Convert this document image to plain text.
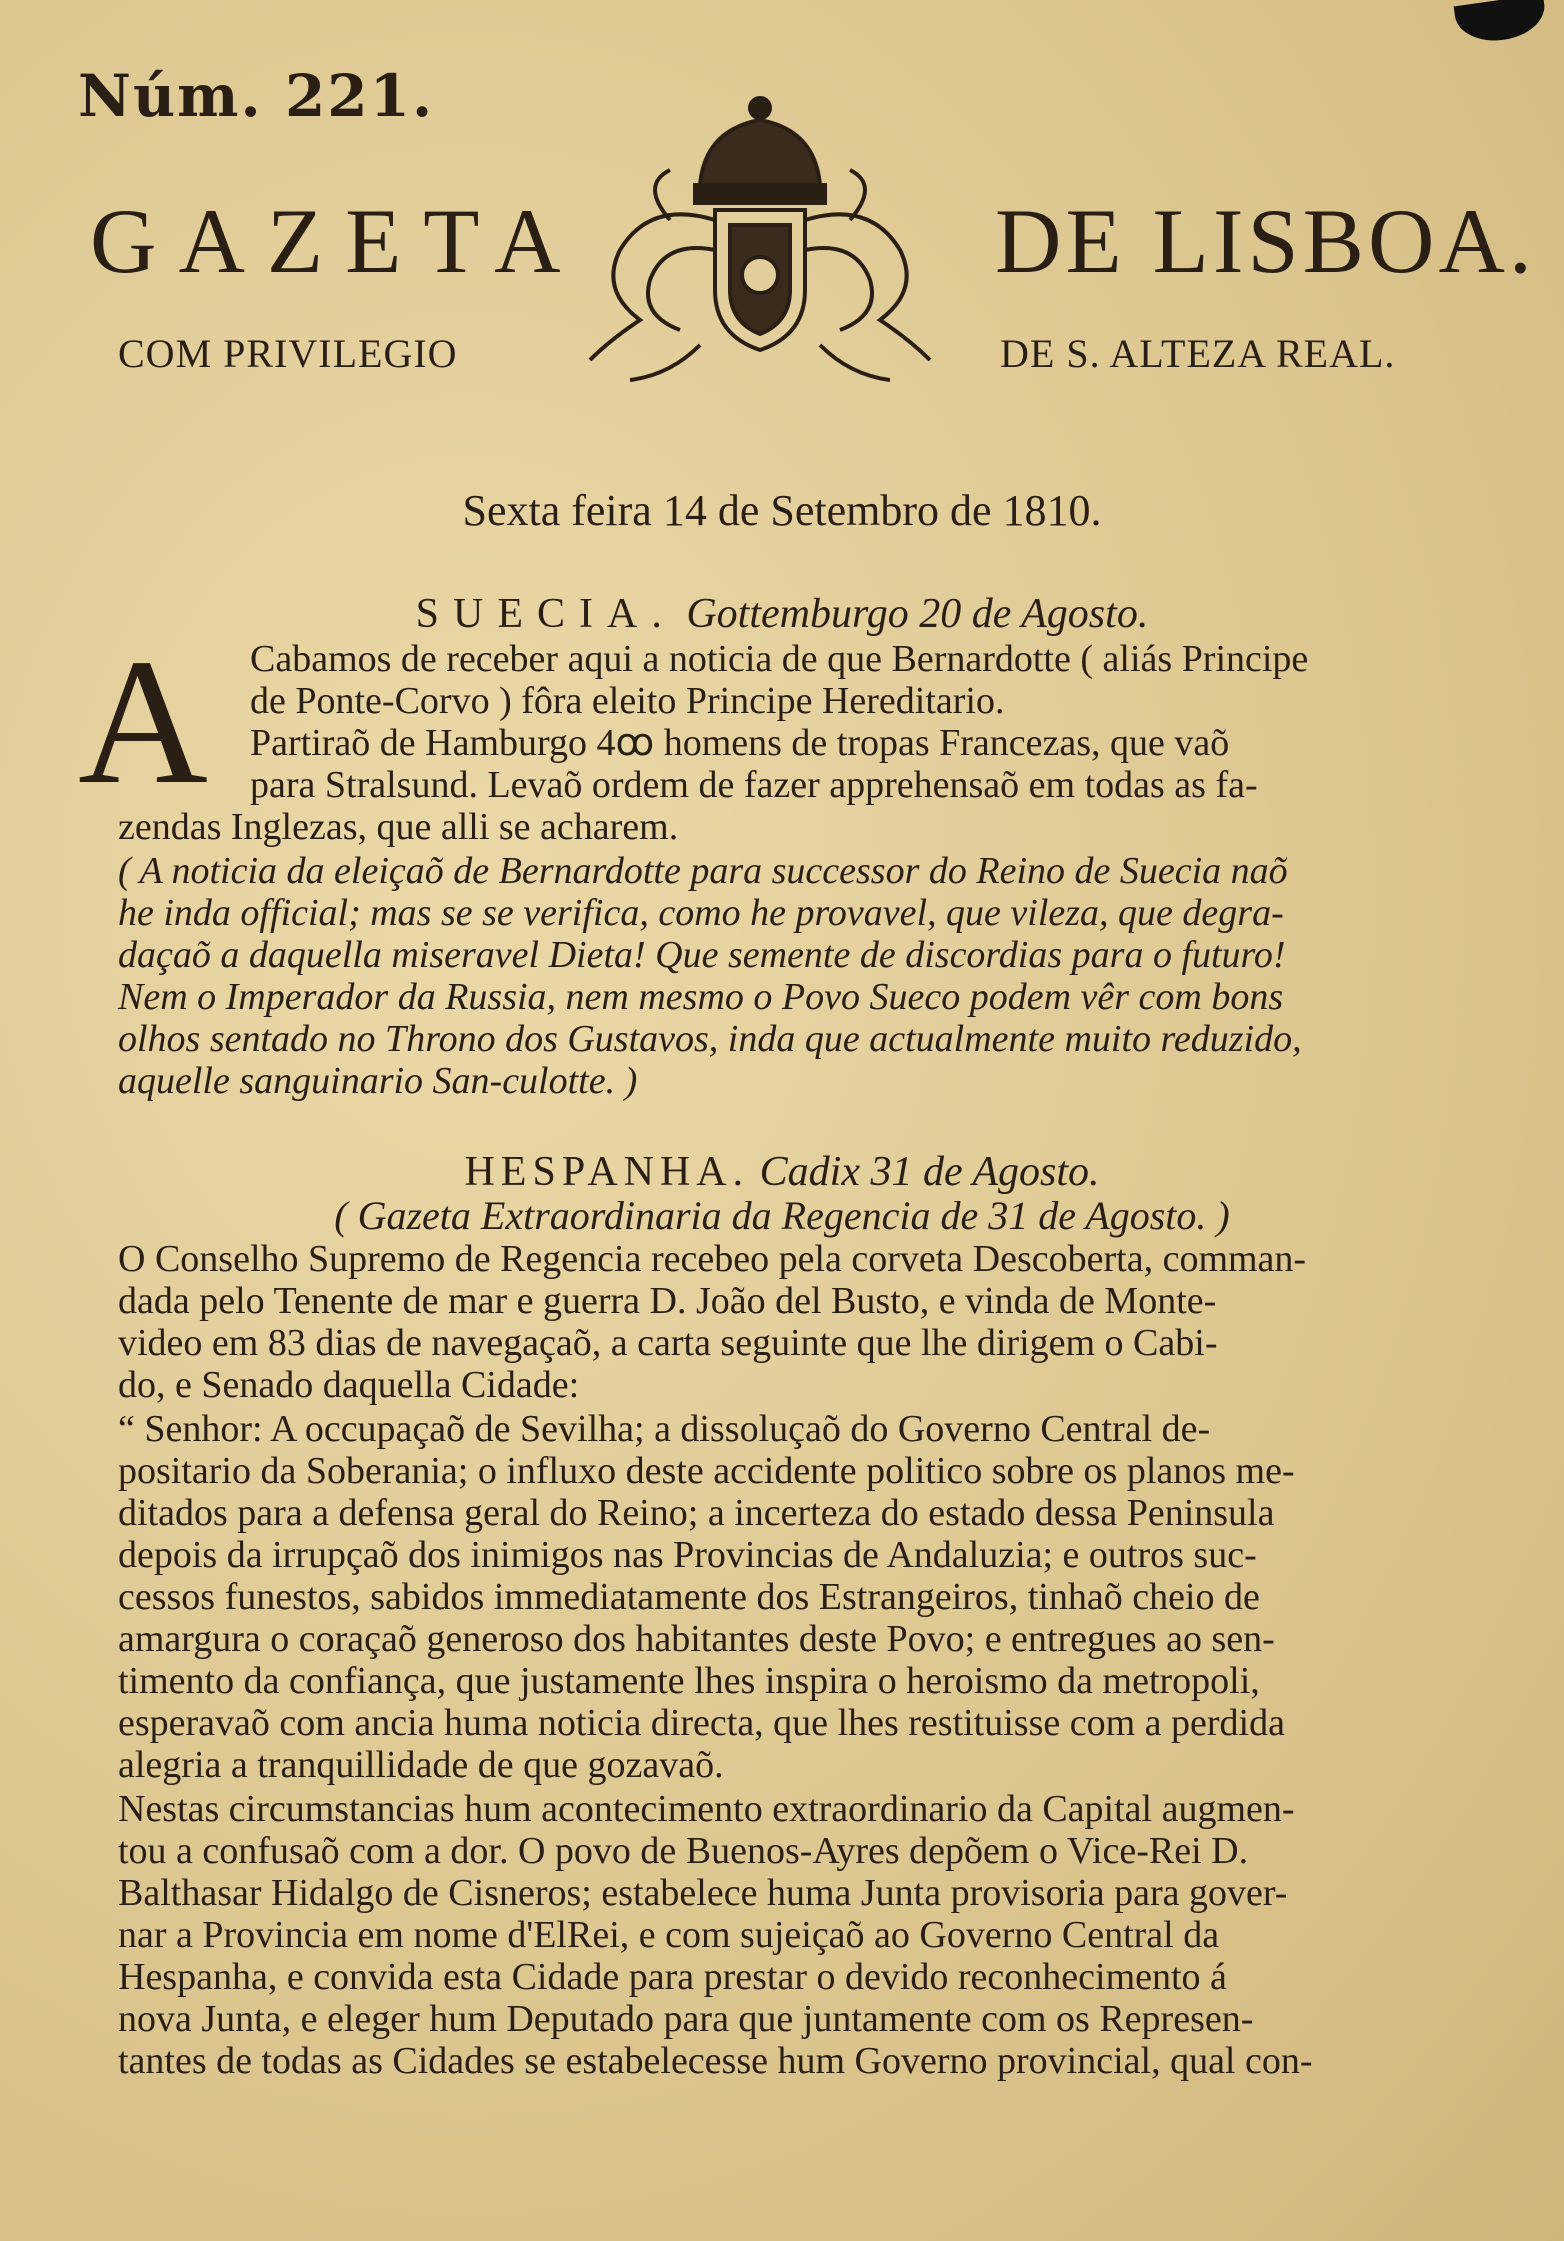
Núm. 221.
GAZETA	DE LISBOA.
COM PRIVILEGIO	DE S. ALTEZA REAL.
Sexta feira 14 de Setembro de 1810.
SUECIA. Gottemburgo 20 de Agosto.
A Cabamos de receber aqui a noticia de que Bernardotte ( aliás Principe
de Ponte-Corvo ) fôra eleito Principe Hereditario.
Partiraõ de Hamburgo 4ꝏ homens de tropas Francezas, que vaõ
para Stralsund. Levaõ ordem de fazer apprehensaõ em todas as fa-
zendas Inglezas, que alli se acharem.
( A noticia da eleiçaõ de Bernardotte para successor do Reino de Suecia naõ
he inda official; mas se se verifica, como he provavel, que vileza, que degra-
daçaõ a daquella miseravel Dieta! Que semente de discordias para o futuro!
Nem o Imperador da Russia, nem mesmo o Povo Sueco podem vêr com bons
olhos sentado no Throno dos Gustavos, inda que actualmente muito reduzido,
aquelle sanguinario San-culotte. )
HESPANHA. Cadix 31 de Agosto.
( Gazeta Extraordinaria da Regencia de 31 de Agosto. )
O Conselho Supremo de Regencia recebeo pela corveta Descoberta, comman-
dada pelo Tenente de mar e guerra D. João del Busto, e vinda de Monte-
video em 83 dias de navegaçaõ, a carta seguinte que lhe dirigem o Cabi-
do, e Senado daquella Cidade:
“ Senhor: A occupaçaõ de Sevilha; a dissoluçaõ do Governo Central de-
positario da Soberania; o influxo deste accidente politico sobre os planos me-
ditados para a defensa geral do Reino; a incerteza do estado dessa Peninsula
depois da irrupçaõ dos inimigos nas Provincias de Andaluzia; e outros suc-
cessos funestos, sabidos immediatamente dos Estrangeiros, tinhaõ cheio de
amargura o coraçaõ generoso dos habitantes deste Povo; e entregues ao sen-
timento da confiança, que justamente lhes inspira o heroismo da metropoli,
esperavaõ com ancia huma noticia directa, que lhes restituisse com a perdida
alegria a tranquillidade de que gozavaõ.
Nestas circumstancias hum acontecimento extraordinario da Capital augmen-
tou a confusaõ com a dor. O povo de Buenos-Ayres depõem o Vice-Rei D.
Balthasar Hidalgo de Cisneros; estabelece huma Junta provisoria para gover-
nar a Provincia em nome d'ElRei, e com sujeiçaõ ao Governo Central da
Hespanha, e convida esta Cidade para prestar o devido reconhecimento á
nova Junta, e eleger hum Deputado para que juntamente com os Represen-
tantes de todas as Cidades se estabelecesse hum Governo provincial, qual con-
